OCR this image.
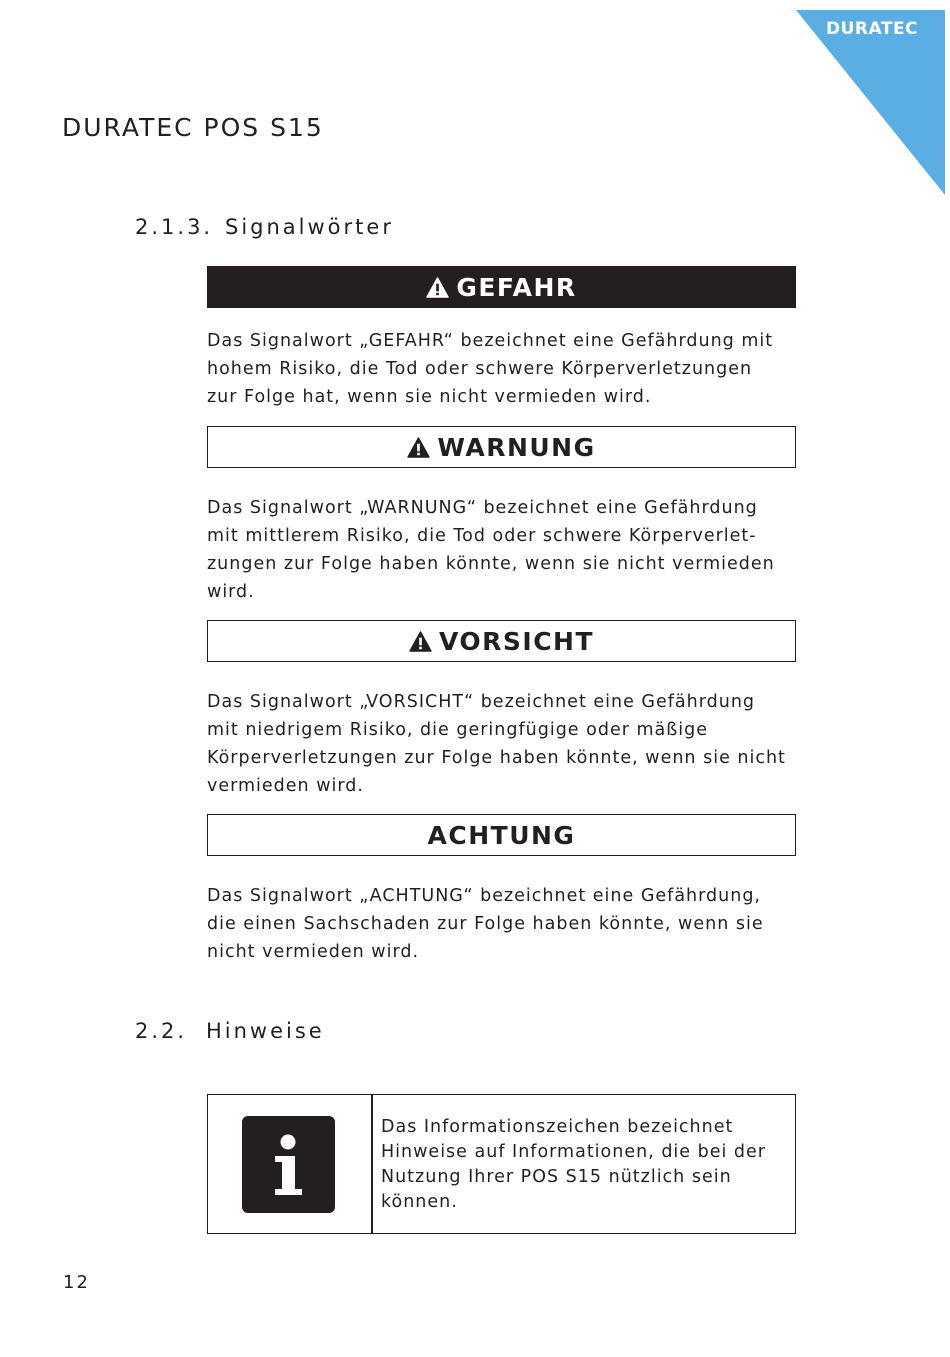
DURATEC
DURATEC POS S15
2.1.3. Signalwörter
GEFAHR

Das Signalwort „GEFAHR“ bezeichnet eine Gefährdung mit
hohem Risiko, die Tod oder schwere Körperverletzungen
zur Folge hat, wenn sie nicht vermieden wird.

WARNUNG

Das Signalwort „WARNUNG“ bezeichnet eine Gefährdung
mit mittlerem Risiko, die Tod oder schwere Körperverlet-
zungen zur Folge haben könnte, wenn sie nicht vermieden
wird.

VORSICHT

Das Signalwort „VORSICHT“ bezeichnet eine Gefährdung
mit niedrigem Risiko, die geringfügige oder mäßige
Körperverletzungen zur Folge haben könnte, wenn sie nicht
vermieden wird.

ACHTUNG

Das Signalwort „ACHTUNG“ bezeichnet eine Gefährdung,
die einen Sachschaden zur Folge haben könnte, wenn sie
nicht vermieden wird.

2.2. Hinweise

Das Informationszeichen bezeichnet
Hinweise auf Informationen, die bei der
Nutzung Ihrer POS S15 nützlich sein
können.

12
